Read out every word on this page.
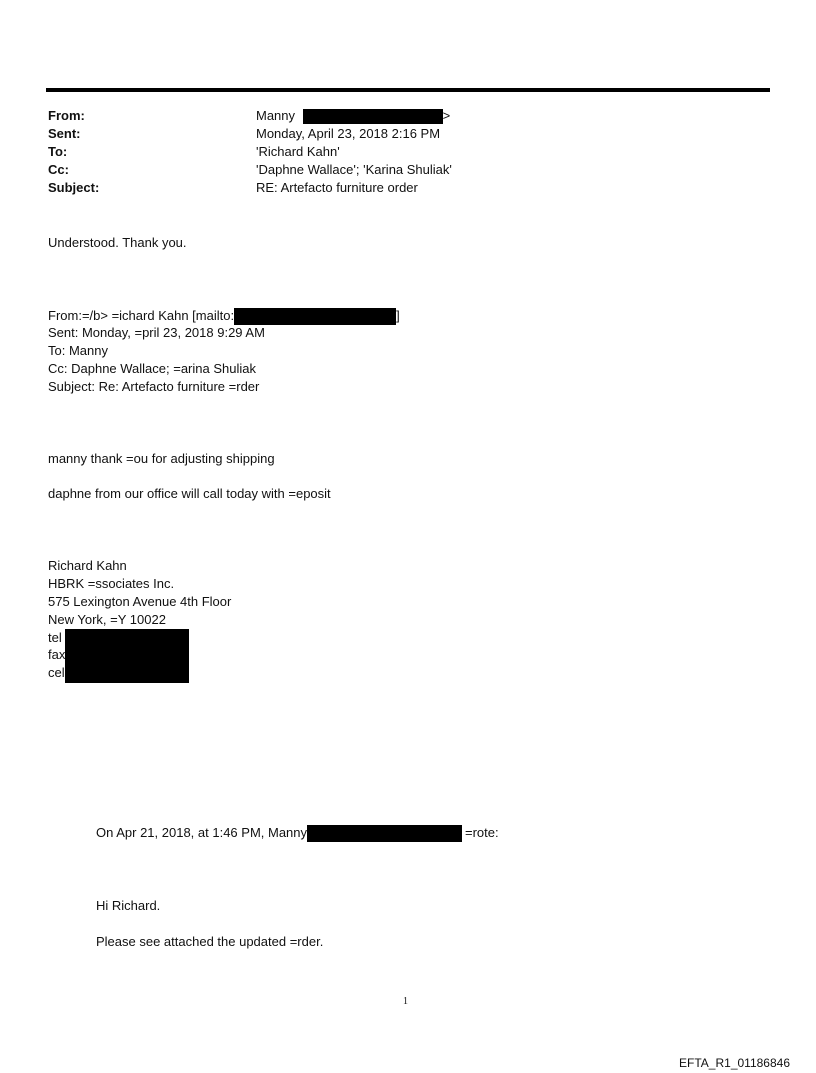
From:	Manny	>
Sent:	Monday, April 23, 2018 2:16 PM
To:	'Richard Kahn'
Cc:	'Daphne Wallace'; 'Karina Shuliak'
Subject:	RE: Artefacto furniture order
Understood. Thank you.
From:=/b> =ichard Kahn [mailto:	]
Sent: Monday, =pril 23, 2018 9:29 AM
To: Manny
Cc: Daphne Wallace; =arina Shuliak
Subject: Re: Artefacto furniture =rder
manny thank =ou for adjusting shipping
daphne from our office will call today with =eposit
Richard Kahn
HBRK =ssociates Inc.
575 Lexington Avenue 4th Floor
New York, =Y 10022
tel
fax
cel
On Apr 21, 2018, at 1:46 PM, Manny	=rote:
Hi Richard.
Please see attached the updated =rder.
1
EFTA_R1_01186846
